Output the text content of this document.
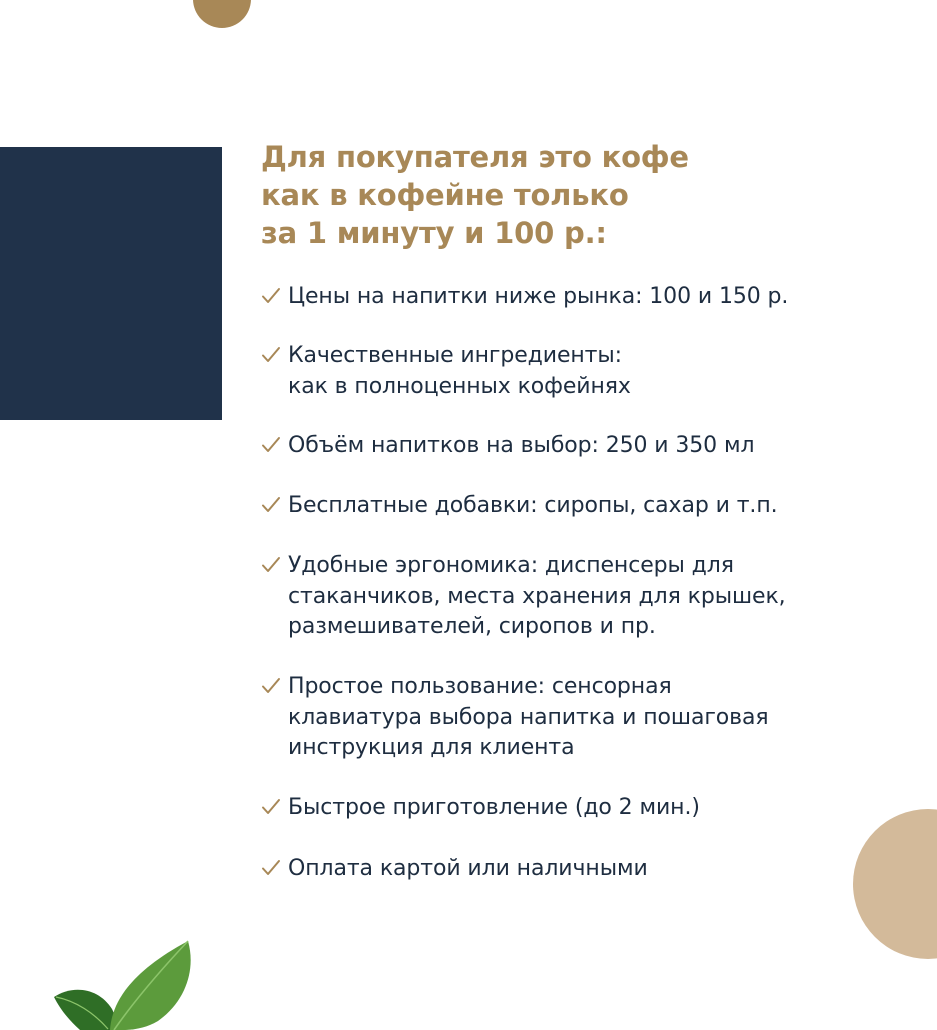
Для покупателя это кофе
как в кофейне только
за 1 минуту и 100 р.:
Цены на напитки ниже рынка: 100 и 150 р.
Качественные ингредиенты:
как в полноценных кофейнях
Объём напитков на выбор: 250 и 350 мл
Бесплатные добавки: сиропы, сахар и т.п.
Удобные эргономика: диспенсеры для
стаканчиков, места хранения для крышек,
размешивателей, сиропов и пр.
Простое пользование: сенсорная
клавиатура выбора напитка и пошаговая
инструкция для клиента
Быстрое приготовление (до 2 мин.)
Оплата картой или наличными
